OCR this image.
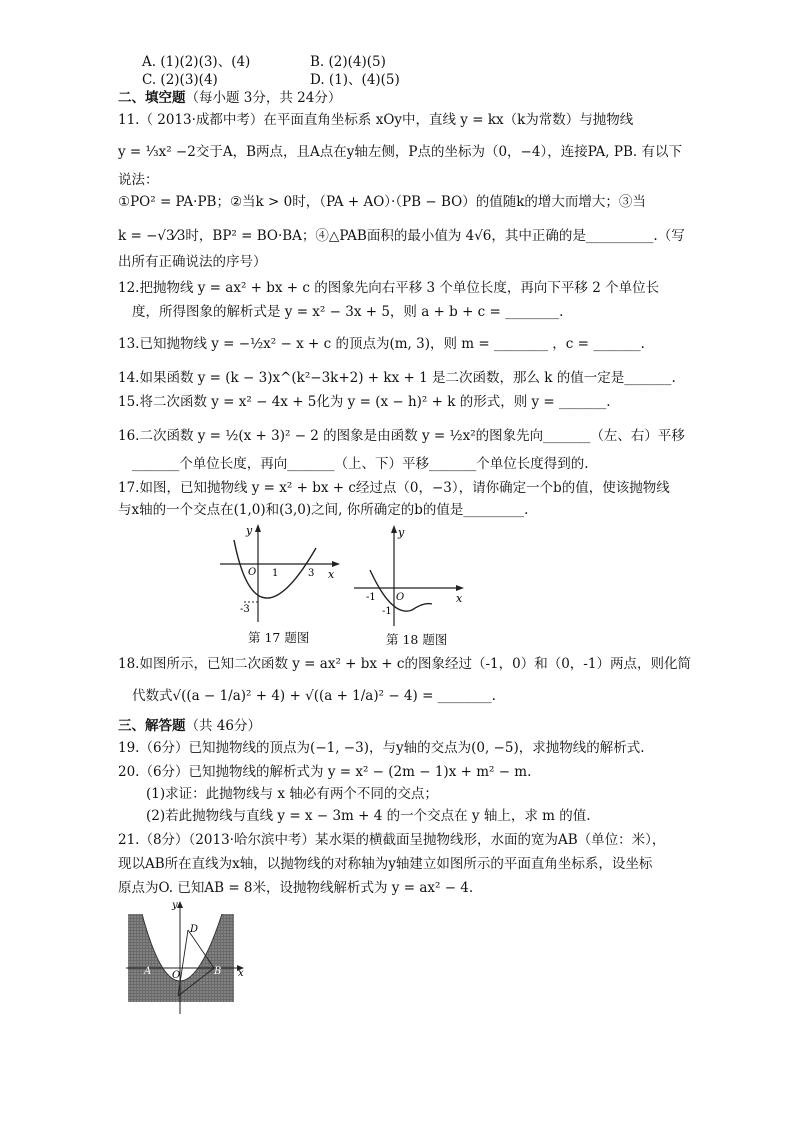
A. (1)(2)(3)、(4)	B. (2)(4)(5)
C. (2)(3)(4)	D. (1)、(4)(5)
二、填空题（每小题 3分，共 24分）
11.（ 2013·成都中考）在平面直角坐标系 xOy中，直线 y = kx（k为常数）与抛物线
y = ⅓x² −2交于A，B两点，且A点在y轴左侧，P点的坐标为（0，−4），连接PA, PB. 有以下
说法：
①PO² = PA·PB；②当k > 0时，（PA + AO）·（PB − BO）的值随k的增大而增大；③当
k = −√3⁄3时，BP² = BO·BA；④△PAB面积的最小值为 4√6，其中正确的是__________.（写
出所有正确说法的序号）
12.把抛物线 y = ax² + bx + c 的图象先向右平移 3 个单位长度，再向下平移 2 个单位长
度，所得图象的解析式是 y = x² − 3x + 5，则 a + b + c = ________.
13.已知抛物线 y = −½x² − x + c 的顶点为(m, 3)，则 m = ________ ，c = _______.
14.如果函数 y = (k − 3)x^(k²−3k+2) + kx + 1 是二次函数，那么 k 的值一定是_______.
15.将二次函数 y = x² − 4x + 5化为 y = (x − h)² + k 的形式，则 y = _______.
16.二次函数 y = ½(x + 3)² − 2 的图象是由函数 y = ½x²的图象先向_______（左、右）平移
_______个单位长度，再向_______（上、下）平移_______个单位长度得到的.
17.如图，已知抛物线 y = x² + bx + c经过点（0，−3），请你确定一个b的值，使该抛物线
与x轴的一个交点在(1,0)和(3,0)之间, 你所确定的b的值是_________.
y
x
O 1	3
-3
第 17 题图
y
x
O
-1
-1
第 18 题图
18.如图所示，已知二次函数 y = ax² + bx + c的图象经过（-1，0）和（0，-1）两点，则化简
代数式√((a − 1/a)² + 4) + √((a + 1/a)² − 4) = ________.
三、解答题（共 46分）
19.（6分）已知抛物线的顶点为(−1, −3)，与y轴的交点为(0, −5)，求抛物线的解析式.
20.（6分）已知抛物线的解析式为 y = x² − (2m − 1)x + m² − m.
(1)求证：此抛物线与 x 轴必有两个不同的交点；
(2)若此抛物线与直线 y = x − 3m + 4 的一个交点在 y 轴上，求 m 的值.
21.（8分）（2013·哈尔滨中考）某水渠的横截面呈抛物线形，水面的宽为AB（单位：米），
现以AB所在直线为x轴，以抛物线的对称轴为y轴建立如图所示的平面直角坐标系，设坐标
原点为O. 已知AB = 8米，设抛物线解析式为 y = ax² − 4.
y
x
D
A	B
O
